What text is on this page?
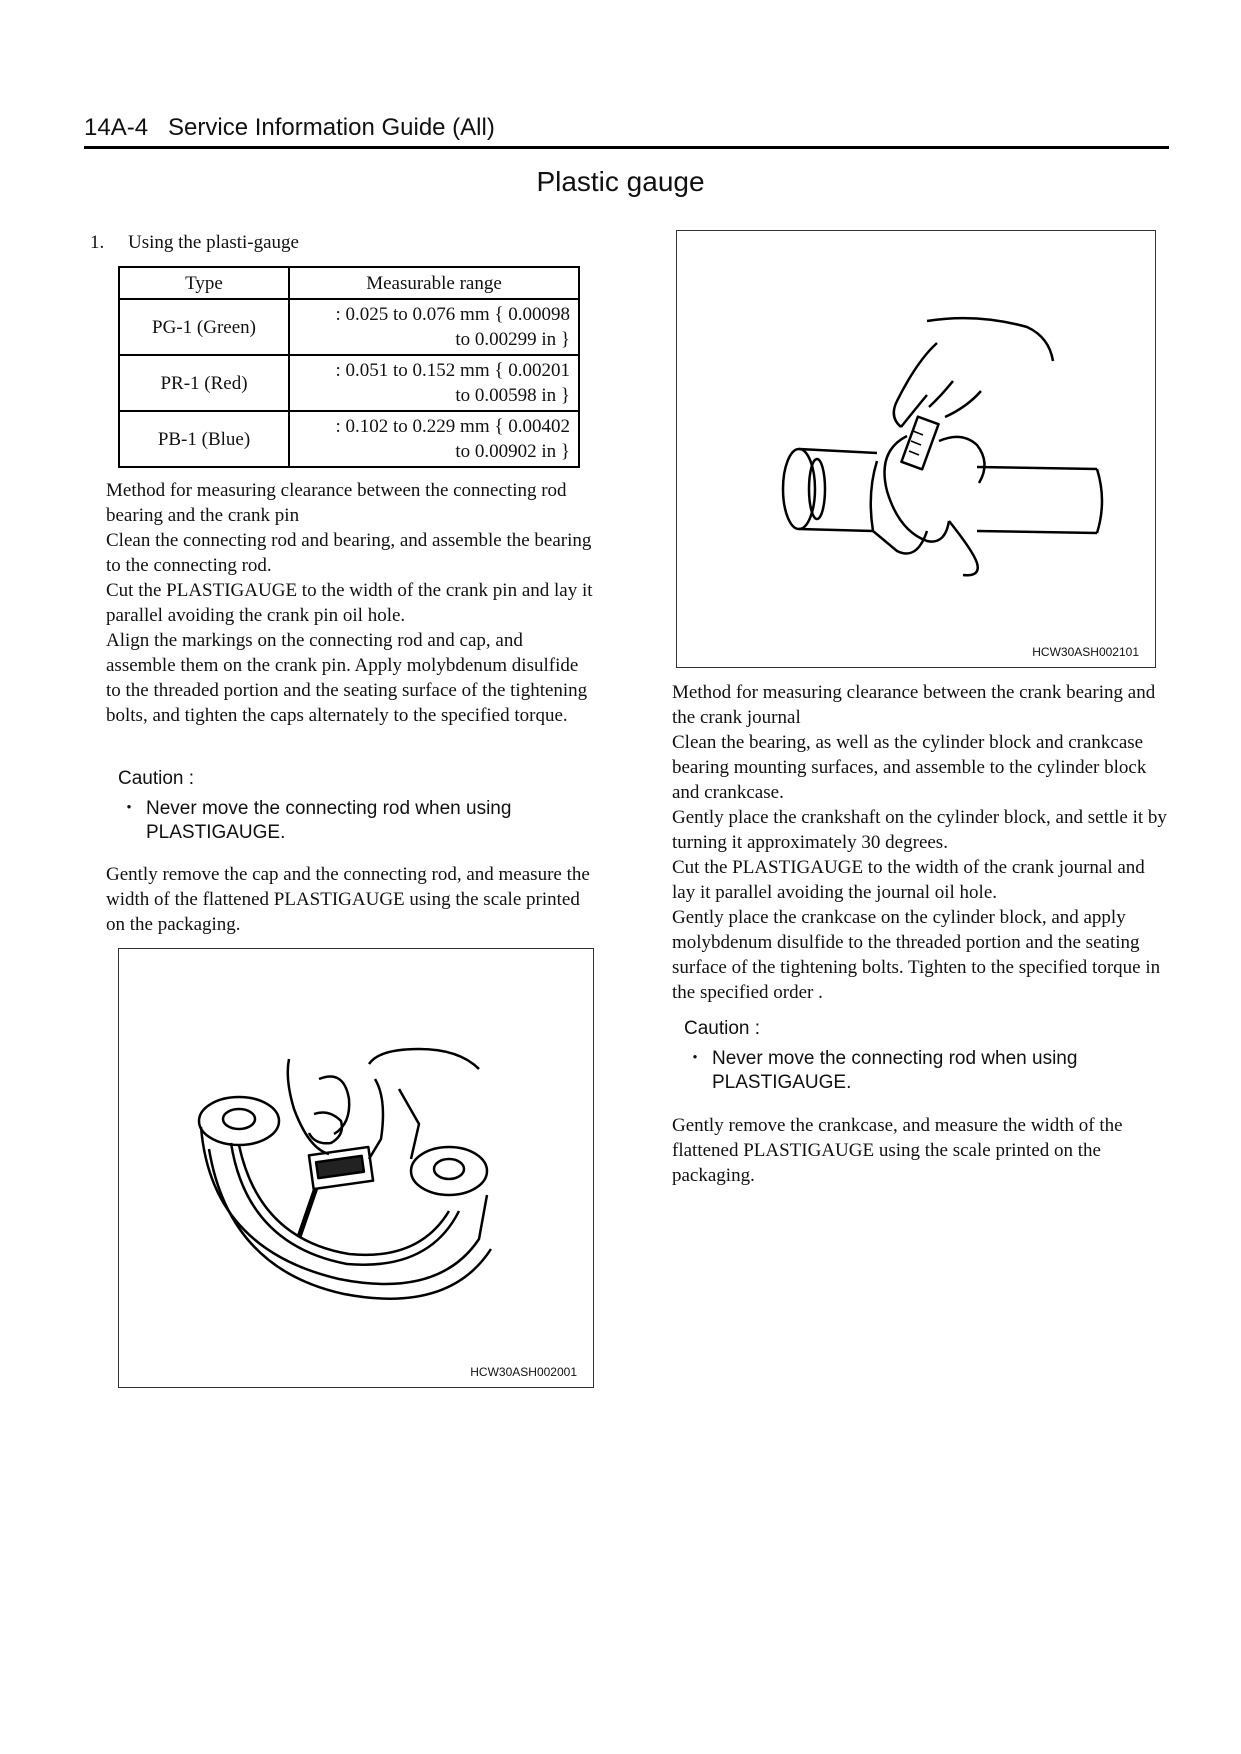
14A-4   Service Information Guide (All)
Plastic gauge
1. Using the plasti-gauge
Type	Measurable range
PG-1 (Green)	: 0.025 to 0.076 mm { 0.00098
to 0.00299 in }

PR-1 (Red)	: 0.051 to 0.152 mm { 0.00201
to 0.00598 in }

PB-1 (Blue)	: 0.102 to 0.229 mm { 0.00402
to 0.00902 in }

Method for measuring clearance between the connecting rod bearing and the crank pin

Clean the connecting rod and bearing, and assemble the bearing to the connecting rod.

Cut the PLASTIGAUGE to the width of the crank pin and lay it parallel avoiding the crank pin oil hole.

Align the markings on the connecting rod and cap, and assemble them on the crank pin. Apply molybdenum disulfide to the threaded portion and the seating surface of the tightening bolts, and tighten the caps alternately to the specified torque.

Caution :
・ Never move the connecting rod when using PLASTIGAUGE.

Gently remove the cap and the connecting rod, and measure the width of the flattened PLASTIGAUGE using the scale printed on the packaging.

HCW30ASH002001
HCW30ASH002101

Method for measuring clearance between the crank bearing and the crank journal

Clean the bearing, as well as the cylinder block and crankcase bearing mounting surfaces, and assemble to the cylinder block and crankcase.

Gently place the crankshaft on the cylinder block, and settle it by turning it approximately 30 degrees.

Cut the PLASTIGAUGE to the width of the crank journal and lay it parallel avoiding the journal oil hole.

Gently place the crankcase on the cylinder block, and apply molybdenum disulfide to the threaded portion and the seating surface of the tightening bolts. Tighten to the specified torque in the specified order .

Caution :
・ Never move the connecting rod when using PLASTIGAUGE.

Gently remove the crankcase, and measure the width of the flattened PLASTIGAUGE using the scale printed on the packaging.
